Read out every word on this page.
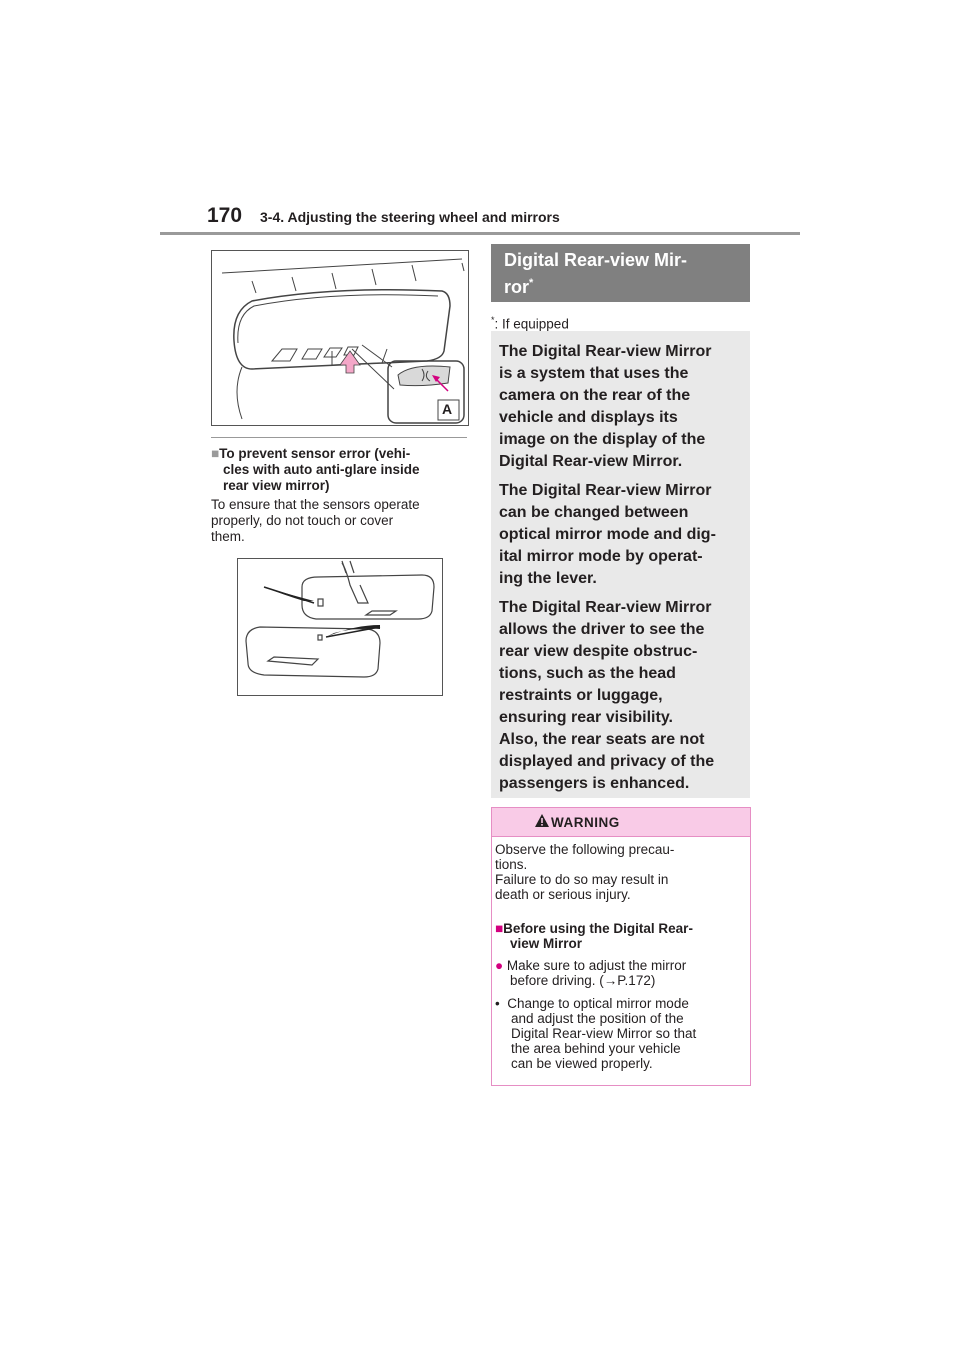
170 3-4. Adjusting the steering wheel and mirrors
A
■To prevent sensor error (vehi-
cles with auto anti-glare inside
rear view mirror)
To ensure that the sensors operate
properly, do not touch or cover
them.
Digital Rear-view Mir-
ror*
*: If equipped

The Digital Rear-view Mirror
is a system that uses the
camera on the rear of the
vehicle and displays its
image on the display of the
Digital Rear-view Mirror.

The Digital Rear-view Mirror
can be changed between
optical mirror mode and dig-
ital mirror mode by operat-
ing the lever.

The Digital Rear-view Mirror
allows the driver to see the
rear view despite obstruc-
tions, such as the head
restraints or luggage,
ensuring rear visibility.
Also, the rear seats are not
displayed and privacy of the
passengers is enhanced.

WARNING
Observe the following precau-
tions.
Failure to do so may result in
death or serious injury.
■Before using the Digital Rear-
view Mirror
● Make sure to adjust the mirror
before driving. (→P.172)
• Change to optical mirror mode
and adjust the position of the
Digital Rear-view Mirror so that
the area behind your vehicle
can be viewed properly.
